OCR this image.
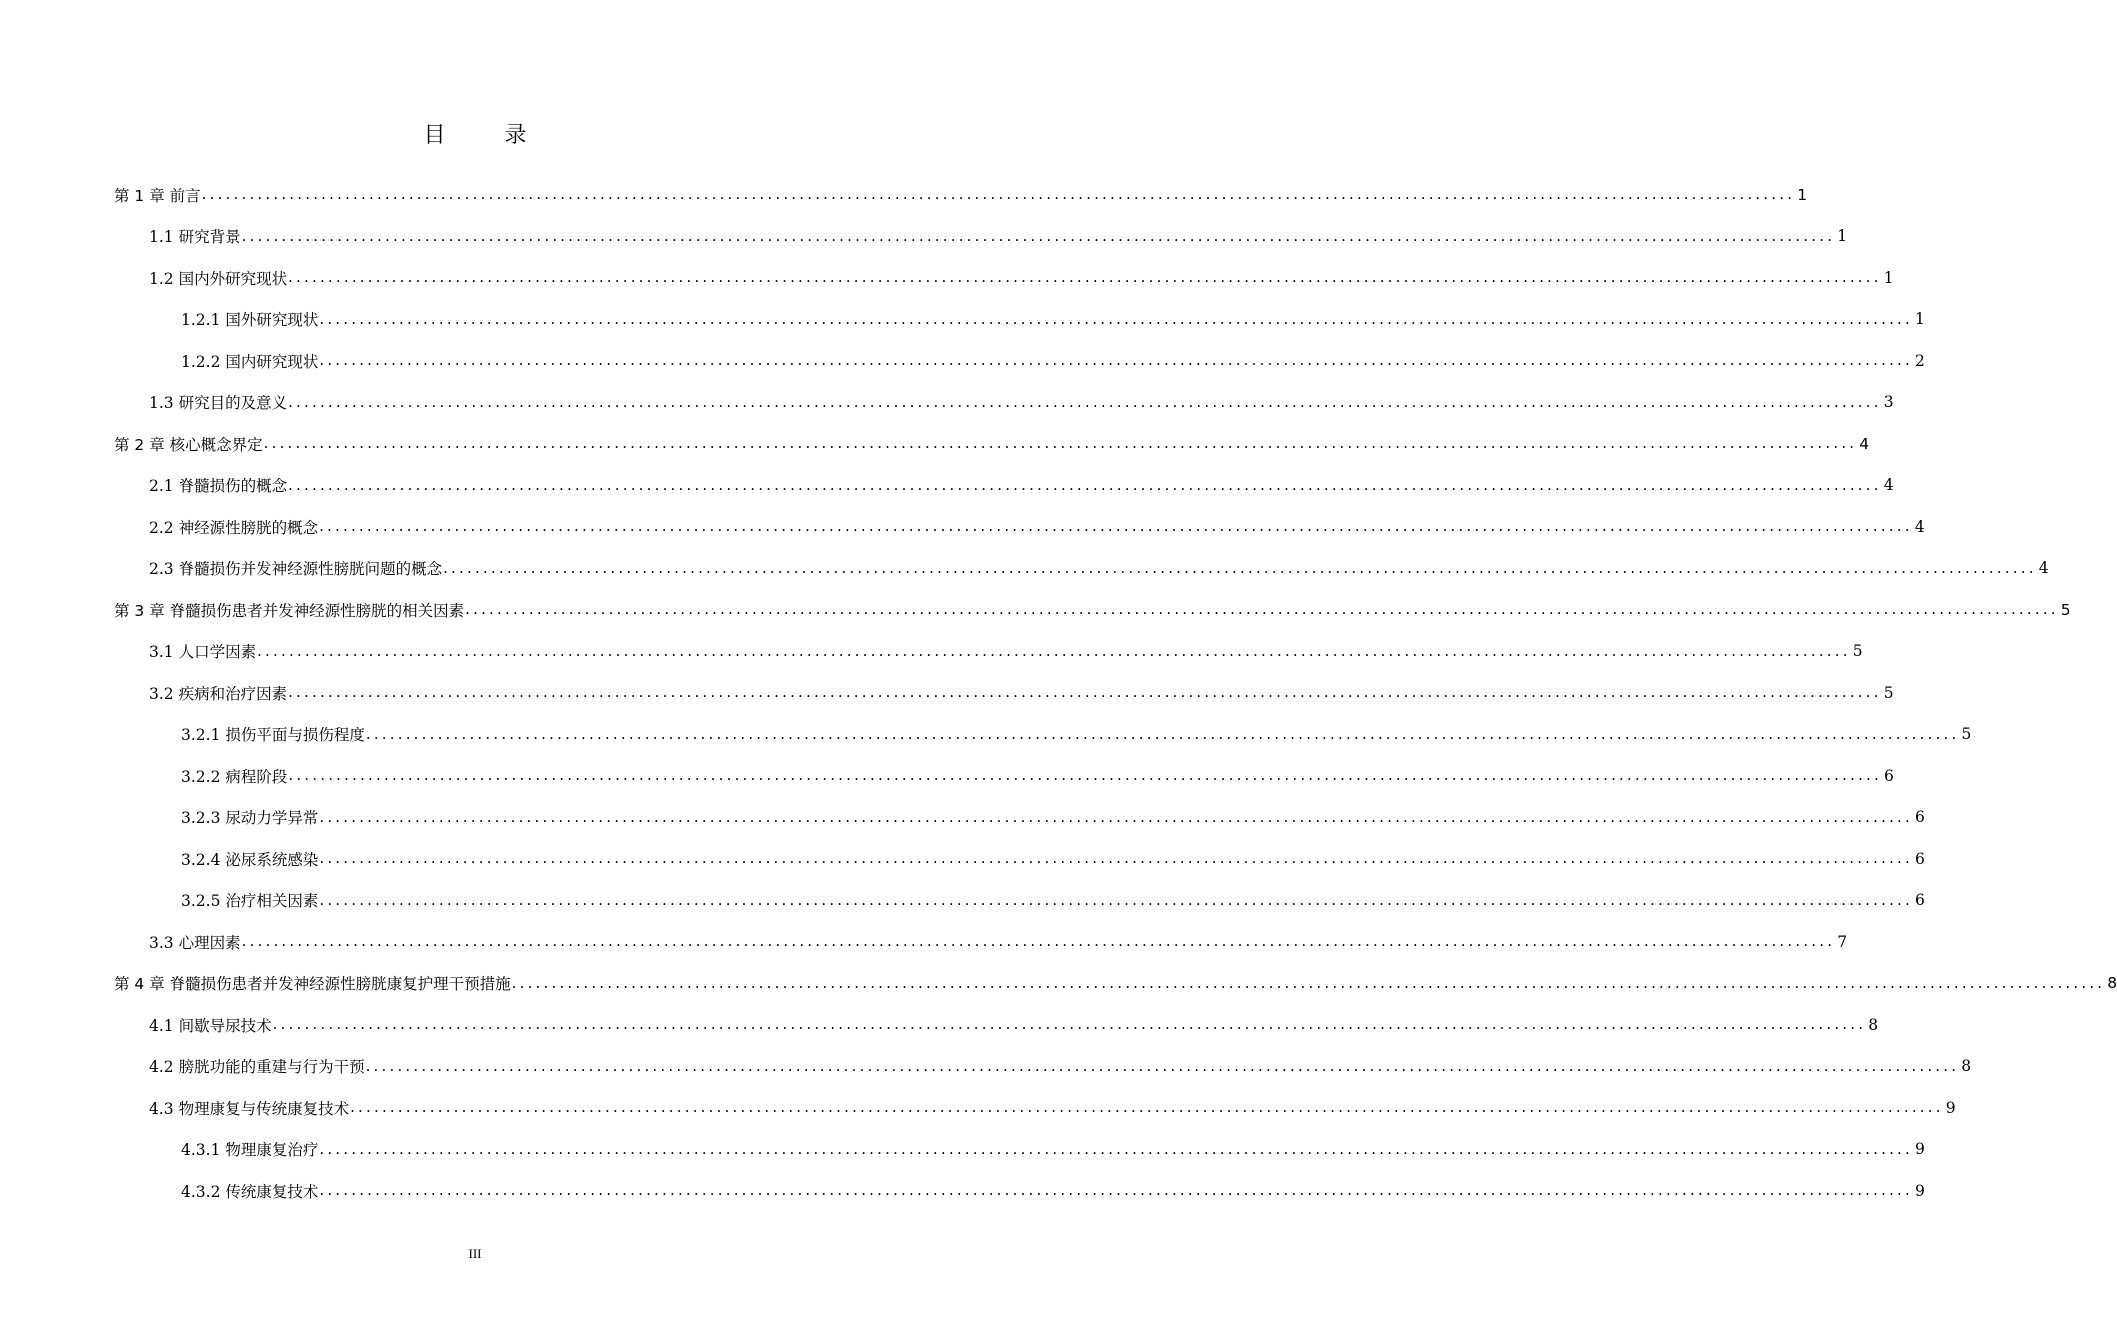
目 录
第 1 章 前言 ........................................................................................................................................................................................................ 1
1.1 研究背景 ........................................................................................................................................................................................................ 1
1.2 国内外研究现状 ........................................................................................................................................................................................................ 1
1.2.1 国外研究现状 ........................................................................................................................................................................................................ 1
1.2.2 国内研究现状 ........................................................................................................................................................................................................ 2
1.3 研究目的及意义 ........................................................................................................................................................................................................ 3
第 2 章 核心概念界定 ........................................................................................................................................................................................................ 4
2.1 脊髓损伤的概念 ........................................................................................................................................................................................................ 4
2.2 神经源性膀胱的概念 ........................................................................................................................................................................................................ 4
2.3 脊髓损伤并发神经源性膀胱问题的概念 ........................................................................................................................................................................................................ 4
第 3 章 脊髓损伤患者并发神经源性膀胱的相关因素 ........................................................................................................................................................................................................ 5
3.1 人口学因素 ........................................................................................................................................................................................................ 5
3.2 疾病和治疗因素 ........................................................................................................................................................................................................ 5
3.2.1 损伤平面与损伤程度 ........................................................................................................................................................................................................ 5
3.2.2 病程阶段 ........................................................................................................................................................................................................ 6
3.2.3 尿动力学异常 ........................................................................................................................................................................................................ 6
3.2.4 泌尿系统感染 ........................................................................................................................................................................................................ 6
3.2.5 治疗相关因素 ........................................................................................................................................................................................................ 6
3.3 心理因素 ........................................................................................................................................................................................................ 7
第 4 章 脊髓损伤患者并发神经源性膀胱康复护理干预措施 ........................................................................................................................................................................................................ 8
4.1 间歇导尿技术 ........................................................................................................................................................................................................ 8
4.2 膀胱功能的重建与行为干预 ........................................................................................................................................................................................................ 8
4.3 物理康复与传统康复技术 ........................................................................................................................................................................................................ 9
4.3.1 物理康复治疗 ........................................................................................................................................................................................................ 9
4.3.2 传统康复技术 ........................................................................................................................................................................................................ 9
III
